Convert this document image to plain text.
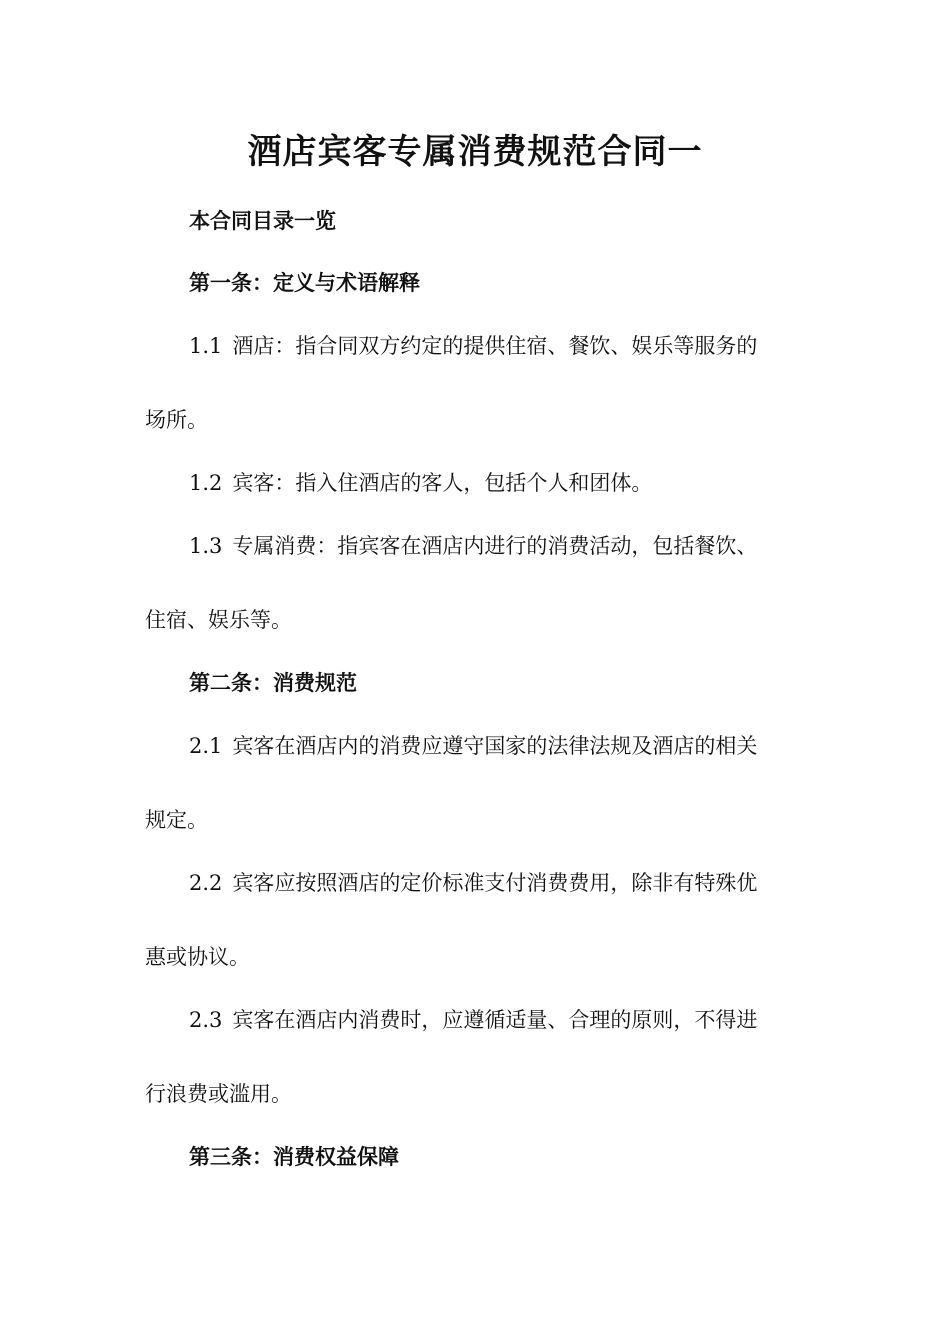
酒店宾客专属消费规范合同一

本合同目录一览

第一条：定义与术语解释

1.1 酒店：指合同双方约定的提供住宿、餐饮、娱乐等服务的

场所。

1.2 宾客：指入住酒店的客人，包括个人和团体。

1.3 专属消费：指宾客在酒店内进行的消费活动，包括餐饮、

住宿、娱乐等。

第二条：消费规范

2.1 宾客在酒店内的消费应遵守国家的法律法规及酒店的相关

规定。

2.2 宾客应按照酒店的定价标准支付消费费用，除非有特殊优

惠或协议。

2.3 宾客在酒店内消费时，应遵循适量、合理的原则，不得进

行浪费或滥用。

第三条：消费权益保障
